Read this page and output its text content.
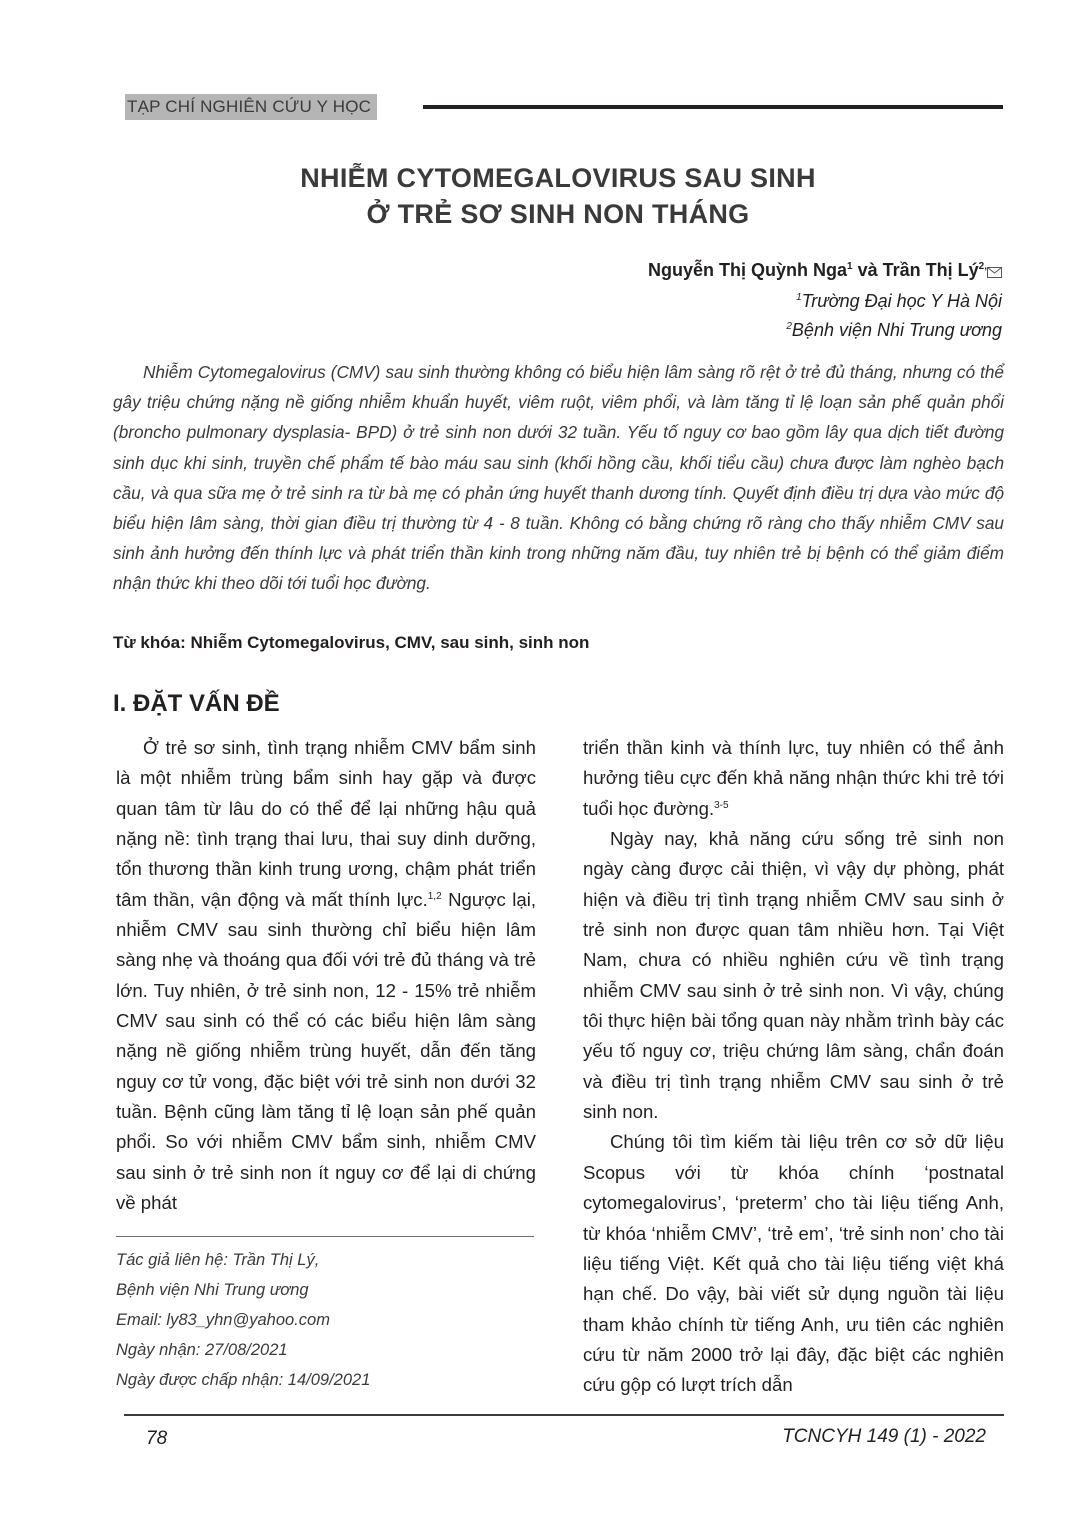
TẠP CHÍ NGHIÊN CỨU Y HỌC
NHIỄM CYTOMEGALOVIRUS SAU SINH
Ở TRẺ SƠ SINH NON THÁNG
Nguyễn Thị Quỳnh Nga$^1$ và Trần Thị $Lý^{2,}$
$^1$Trường Đại học Y Hà Nội
$^2$Bệnh viện Nhi Trung ương

Nhiễm Cytomegalovirus (CMV) sau sinh thường không có biểu hiện lâm sàng rõ rệt ở trẻ đủ tháng, nhưng có thể gây triệu chứng nặng nề giống nhiễm khuẩn huyết, viêm ruột, viêm phổi, và làm tăng tỉ lệ loạn sản phế quản phổi (broncho pulmonary dysplasia- BPD) ở trẻ sinh non dưới 32 tuần. Yếu tố nguy cơ bao gồm lây qua dịch tiết đường sinh dục khi sinh, truyền chế phẩm tế bào máu sau sinh (khối hồng cầu, khối tiểu cầu) chưa được làm nghèo bạch cầu, và qua sữa mẹ ở trẻ sinh ra từ bà mẹ có phản ứng huyết thanh dương tính. Quyết định điều trị dựa vào mức độ biểu hiện lâm sàng, thời gian điều trị thường từ 4 - 8 tuần. Không có bằng chứng rõ ràng cho thấy nhiễm CMV sau sinh ảnh hưởng đến thính lực và phát triển thần kinh trong những năm đầu, tuy nhiên trẻ bị bệnh có thể giảm điểm nhận thức khi theo dõi tới tuổi học đường.

Từ khóa: Nhiễm Cytomegalovirus, CMV, sau sinh, sinh non
I. ĐẶT VẤN ĐỀ

Ở trẻ sơ sinh, tình trạng nhiễm CMV bẩm sinh là một nhiễm trùng bẩm sinh hay gặp và được quan tâm từ lâu do có thể để lại những hậu quả nặng nề: tình trạng thai lưu, thai suy dinh dưỡng, tổn thương thần kinh trung ương, chậm phát triển tâm thần, vận động và mất thính lực.$^{1,2}$ Ngược lại, nhiễm CMV sau sinh thường chỉ biểu hiện lâm sàng nhẹ và thoáng qua đối với trẻ đủ tháng và trẻ lớn. Tuy nhiên, ở trẻ sinh non, 12 - 15% trẻ nhiễm CMV sau sinh có thể có các biểu hiện lâm sàng nặng nề giống nhiễm trùng huyết, dẫn đến tăng nguy cơ tử vong, đặc biệt với trẻ sinh non dưới 32 tuần. Bệnh cũng làm tăng tỉ lệ loạn sản phế quản phổi. So với nhiễm CMV bẩm sinh, nhiễm CMV sau sinh ở trẻ sinh non ít nguy cơ để lại di chứng về phát

triển thần kinh và thính lực, tuy nhiên có thể ảnh hưởng tiêu cực đến khả năng nhận thức khi trẻ tới tuổi học đường.$^{3-5}$

Ngày nay, khả năng cứu sống trẻ sinh non ngày càng được cải thiện, vì vậy dự phòng, phát hiện và điều trị tình trạng nhiễm CMV sau sinh ở trẻ sinh non được quan tâm nhiều hơn. Tại Việt Nam, chưa có nhiều nghiên cứu về tình trạng nhiễm CMV sau sinh ở trẻ sinh non. Vì vậy, chúng tôi thực hiện bài tổng quan này nhằm trình bày các yếu tố nguy cơ, triệu chứng lâm sàng, chẩn đoán và điều trị tình trạng nhiễm CMV sau sinh ở trẻ sinh non.

Chúng tôi tìm kiếm tài liệu trên cơ sở dữ liệu Scopus với từ khóa chính ‘postnatal cytomegalovirus’, ‘preterm’ cho tài liệu tiếng Anh, từ khóa ‘nhiễm CMV’, ‘trẻ em’, ‘trẻ sinh non’ cho tài liệu tiếng Việt. Kết quả cho tài liệu tiếng việt khá hạn chế. Do vậy, bài viết sử dụng nguồn tài liệu tham khảo chính từ tiếng Anh, ưu tiên các nghiên cứu từ năm 2000 trở lại đây, đặc biệt các nghiên cứu gộp có lượt trích dẫn

Tác giả liên hệ: Trần Thị Lý,
Bệnh viện Nhi Trung ương
Email: ly83_yhn@yahoo.com
Ngày nhận: 27/08/2021
Ngày được chấp nhận: 14/09/2021
78	TCNCYH 149 (1) - 2022
